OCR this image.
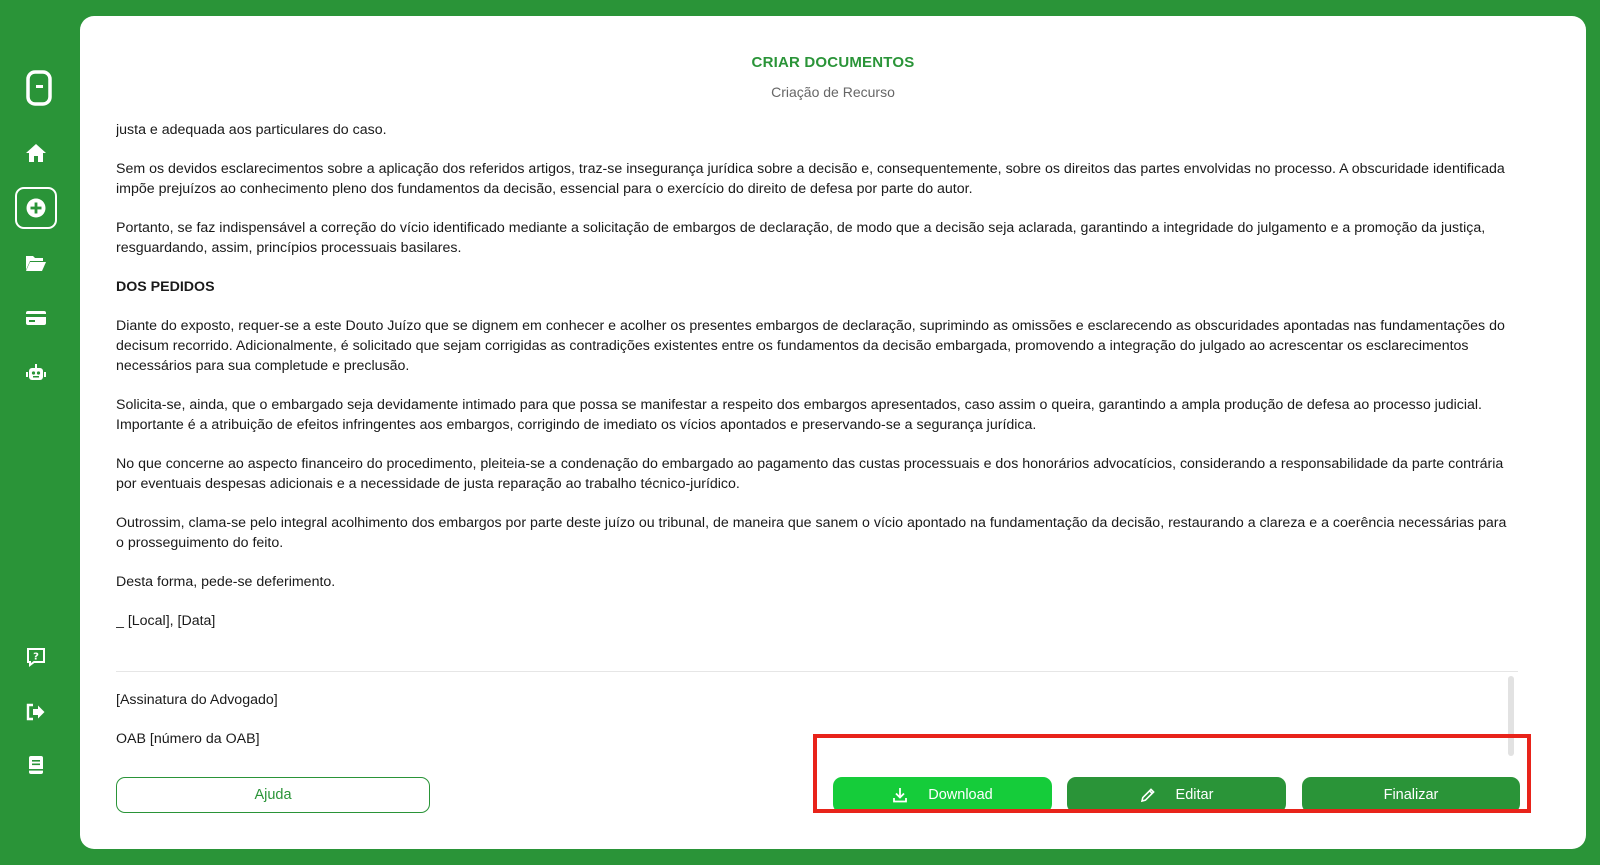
?
CRIAR DOCUMENTOS
Criação de Recurso

justa e adequada aos particulares do caso.

Sem os devidos esclarecimentos sobre a aplicação dos referidos artigos, traz-se insegurança jurídica sobre a decisão e, consequentemente, sobre os direitos das partes envolvidas no processo. A obscuridade identificada impõe prejuízos ao conhecimento pleno dos fundamentos da decisão, essencial para o exercício do direito de defesa por parte do autor.

Portanto, se faz indispensável a correção do vício identificado mediante a solicitação de embargos de declaração, de modo que a decisão seja aclarada, garantindo a integridade do julgamento e a promoção da justiça, resguardando, assim, princípios processuais basilares.

DOS PEDIDOS

Diante do exposto, requer-se a este Douto Juízo que se dignem em conhecer e acolher os presentes embargos de declaração, suprimindo as omissões e esclarecendo as obscuridades apontadas nas fundamentações do decisum recorrido. Adicionalmente, é solicitado que sejam corrigidas as contradições existentes entre os fundamentos da decisão embargada, promovendo a integração do julgado ao acrescentar os esclarecimentos necessários para sua completude e preclusão.

Solicita-se, ainda, que o embargado seja devidamente intimado para que possa se manifestar a respeito dos embargos apresentados, caso assim o queira, garantindo a ampla produção de defesa ao processo judicial. Importante é a atribuição de efeitos infringentes aos embargos, corrigindo de imediato os vícios apontados e preservando-se a segurança jurídica.

No que concerne ao aspecto financeiro do procedimento, pleiteia-se a condenação do embargado ao pagamento das custas processuais e dos honorários advocatícios, considerando a responsabilidade da parte contrária por eventuais despesas adicionais e a necessidade de justa reparação ao trabalho técnico-jurídico.

Outrossim, clama-se pelo integral acolhimento dos embargos por parte deste juízo ou tribunal, de maneira que sanem o vício apontado na fundamentação da decisão, restaurando a clareza e a coerência necessárias para o prosseguimento do feito.

Desta forma, pede-se deferimento.

_ [Local], [Data]

[Assinatura do Advogado]

OAB [número da OAB]

Ajuda	Download	Editar	Finalizar
